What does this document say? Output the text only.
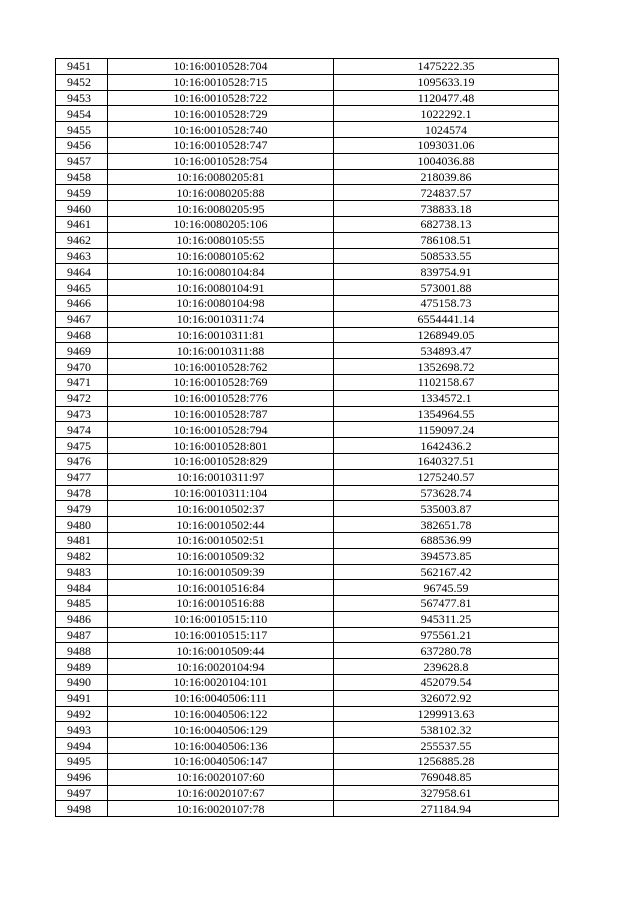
9451	10:16:0010528:704	1475222.35
9452	10:16:0010528:715	1095633.19
9453	10:16:0010528:722	1120477.48
9454	10:16:0010528:729	1022292.1
9455	10:16:0010528:740	1024574
9456	10:16:0010528:747	1093031.06
9457	10:16:0010528:754	1004036.88
9458	10:16:0080205:81	218039.86
9459	10:16:0080205:88	724837.57
9460	10:16:0080205:95	738833.18
9461	10:16:0080205:106	682738.13
9462	10:16:0080105:55	786108.51
9463	10:16:0080105:62	508533.55
9464	10:16:0080104:84	839754.91
9465	10:16:0080104:91	573001.88
9466	10:16:0080104:98	475158.73
9467	10:16:0010311:74	6554441.14
9468	10:16:0010311:81	1268949.05
9469	10:16:0010311:88	534893.47
9470	10:16:0010528:762	1352698.72
9471	10:16:0010528:769	1102158.67
9472	10:16:0010528:776	1334572.1
9473	10:16:0010528:787	1354964.55
9474	10:16:0010528:794	1159097.24
9475	10:16:0010528:801	1642436.2
9476	10:16:0010528:829	1640327.51
9477	10:16:0010311:97	1275240.57
9478	10:16:0010311:104	573628.74
9479	10:16:0010502:37	535003.87
9480	10:16:0010502:44	382651.78
9481	10:16:0010502:51	688536.99
9482	10:16:0010509:32	394573.85
9483	10:16:0010509:39	562167.42
9484	10:16:0010516:84	96745.59
9485	10:16:0010516:88	567477.81
9486	10:16:0010515:110	945311.25
9487	10:16:0010515:117	975561.21
9488	10:16:0010509:44	637280.78
9489	10:16:0020104:94	239628.8
9490	10:16:0020104:101	452079.54
9491	10:16:0040506:111	326072.92
9492	10:16:0040506:122	1299913.63
9493	10:16:0040506:129	538102.32
9494	10:16:0040506:136	255537.55
9495	10:16:0040506:147	1256885.28
9496	10:16:0020107:60	769048.85
9497	10:16:0020107:67	327958.61
9498	10:16:0020107:78	271184.94
